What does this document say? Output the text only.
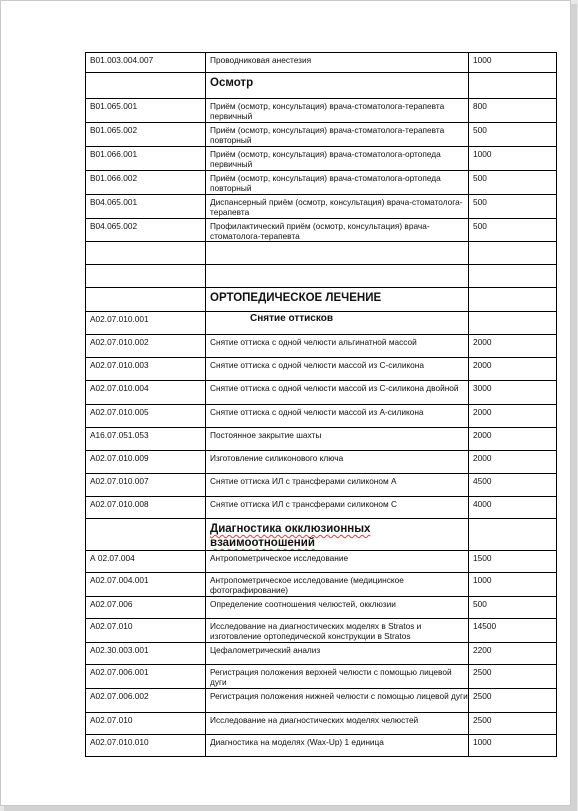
В01.003.004.007	Проводниковая анестезия	1000
	Осмотр	
В01.065.001	Приём (осмотр, консультация) врача-стоматолога-терапевта первичный	800
В01.065.002	Приём (осмотр, консультация) врача-стоматолога-терапевта повторный	500
В01.066.001	Приём (осмотр, консультация) врача-стоматолога-ортопеда первичный	1000
В01.066.002	Приём (осмотр, консультация) врача-стоматолога-ортопеда повторный	500
В04.065.001	Диспансерный приём (осмотр, консультация) врача-стоматолога-терапевта	500
В04.065.002	Профилактический приём (осмотр, консультация) врача-стоматолога-терапевта	500

	ОРТОПЕДИЧЕСКОЕ ЛЕЧЕНИЕ	
А02.07.010.001	Снятие оттисков	
А02.07.010.002	Снятие оттиска с одной челюсти альгинатной массой	2000
А02.07.010.003	Снятие оттиска с одной челюсти массой из С-силикона	2000
А02.07.010.004	Снятие оттиска с одной челюсти массой из С-силикона двойной	3000
А02.07.010.005	Снятие оттиска с одной челюсти массой из А-силикона	2000
А16.07.051.053	Постоянное закрытие шахты	2000
А02.07.010.009	Изготовление силиконового ключа	2000
А02.07.010.007	Снятие оттиска ИЛ с трансферами силиконом А	4500
А02.07.010.008	Снятие оттиска ИЛ с трансферами силиконом С	4000
	Диагностика окклюзионных взаимоотношений	
А 02.07.004	Антропометрическое исследование	1500
А02.07.004.001	Антропометрическое исследование (медицинское фотографирование)	1000
А02.07.006	Определение соотношения челюстей, окклюзии	500
А02.07.010	Исследование на диагностических моделях в Stratos и изготовление ортопедической конструкции в Stratos	14500
А02.30.003.001	Цефалометрический анализ	2200
А02.07.006.001	Регистрация положения верхней челюсти с помощью лицевой дуги	2500
А02.07.006.002	Регистрация положения нижней челюсти с помощью лицевой дуги	2500
А02.07.010	Исследование на диагностических моделях челюстей	2500
А02.07.010.010	Диагностика на моделях (Wax-Up) 1 единица	1000
